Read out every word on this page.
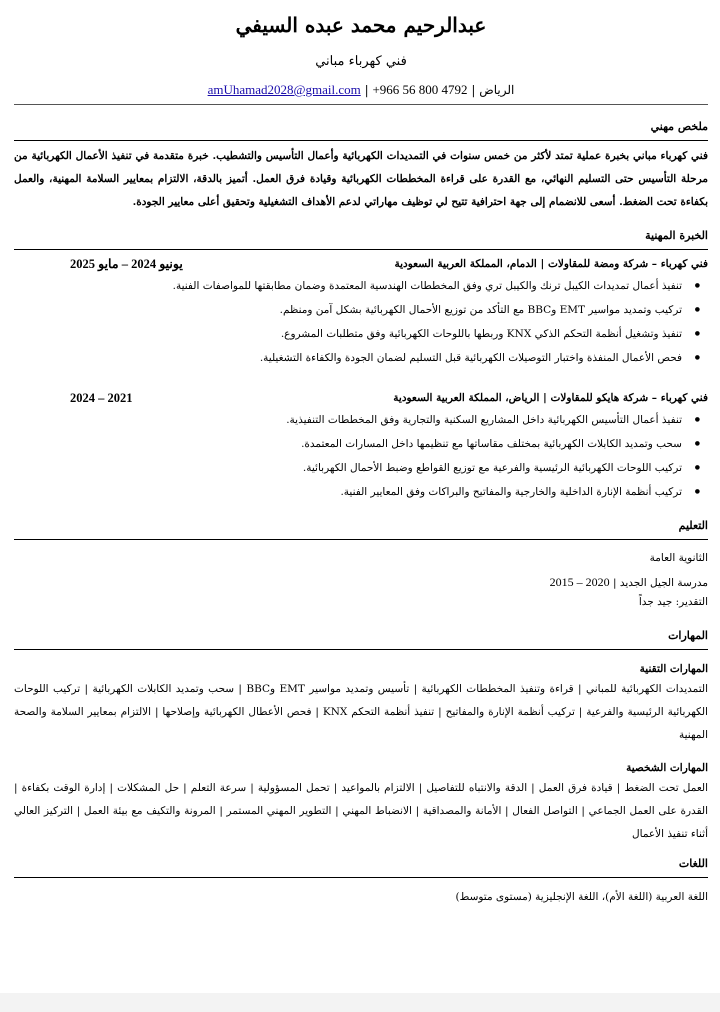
عبدالرحيم محمد عبده السيفي
فني كهرباء مباني
الرياض | +966 56 800 4792 | amUhamad2028@gmail.com
ملخص مهني
فني كهرباء مباني بخبرة عملية تمتد لأكثر من خمس سنوات في التمديدات الكهربائية وأعمال التأسيس والتشطيب. خبرة متقدمة في تنفيذ الأعمال الكهربائية من مرحلة التأسيس حتى التسليم النهائي، مع القدرة على قراءة المخططات الكهربائية وقيادة فرق العمل. أتميز بالدقة، الالتزام بمعايير السلامة المهنية، والعمل بكفاءة تحت الضغط. أسعى للانضمام إلى جهة احترافية تتيح لي توظيف مهاراتي لدعم الأهداف التشغيلية وتحقيق أعلى معايير الجودة.
الخبرة المهنية
فني كهرباء – شركة ومضة للمقاولات | الدمام، المملكة العربية السعودية
يونيو 2024 – مايو 2025
● تنفيذ أعمال تمديدات الكيبل ترنك والكيبل تري وفق المخططات الهندسية المعتمدة وضمان مطابقتها للمواصفات الفنية.
● تركيب وتمديد مواسير EMT وBBC مع التأكد من توزيع الأحمال الكهربائية بشكل آمن ومنظم.
● تنفيذ وتشغيل أنظمة التحكم الذكي KNX وربطها باللوحات الكهربائية وفق متطلبات المشروع.
● فحص الأعمال المنفذة واختبار التوصيلات الكهربائية قبل التسليم لضمان الجودة والكفاءة التشغيلية.
فني كهرباء – شركة هايكو للمقاولات | الرياض، المملكة العربية السعودية
2021 – 2024
● تنفيذ أعمال التأسيس الكهربائية داخل المشاريع السكنية والتجارية وفق المخططات التنفيذية.
● سحب وتمديد الكابلات الكهربائية بمختلف مقاساتها مع تنظيمها داخل المسارات المعتمدة.
● تركيب اللوحات الكهربائية الرئيسية والفرعية مع توزيع القواطع وضبط الأحمال الكهربائية.
● تركيب أنظمة الإنارة الداخلية والخارجية والمفاتيح والبراكات وفق المعايير الفنية.
التعليم
الثانوية العامة
مدرسة الجيل الجديد | 2015 – 2020
التقدير: جيد جداً
المهارات
المهارات التقنية
التمديدات الكهربائية للمباني | قراءة وتنفيذ المخططات الكهربائية | تأسيس وتمديد مواسير EMT وBBC | سحب وتمديد الكابلات الكهربائية | تركيب اللوحات الكهربائية الرئيسية والفرعية | تركيب أنظمة الإنارة والمفاتيح | تنفيذ أنظمة التحكم KNX | فحص الأعطال الكهربائية وإصلاحها | الالتزام بمعايير السلامة والصحة المهنية
المهارات الشخصية
العمل تحت الضغط | قيادة فرق العمل | الدقة والانتباه للتفاصيل | الالتزام بالمواعيد | تحمل المسؤولية | سرعة التعلم | حل المشكلات | إدارة الوقت بكفاءة | القدرة على العمل الجماعي | التواصل الفعال | الأمانة والمصداقية | الانضباط المهني | التطوير المهني المستمر | المرونة والتكيف مع بيئة العمل | التركيز العالي أثناء تنفيذ الأعمال
اللغات
اللغة العربية (اللغة الأم)، اللغة الإنجليزية (مستوى متوسط)
